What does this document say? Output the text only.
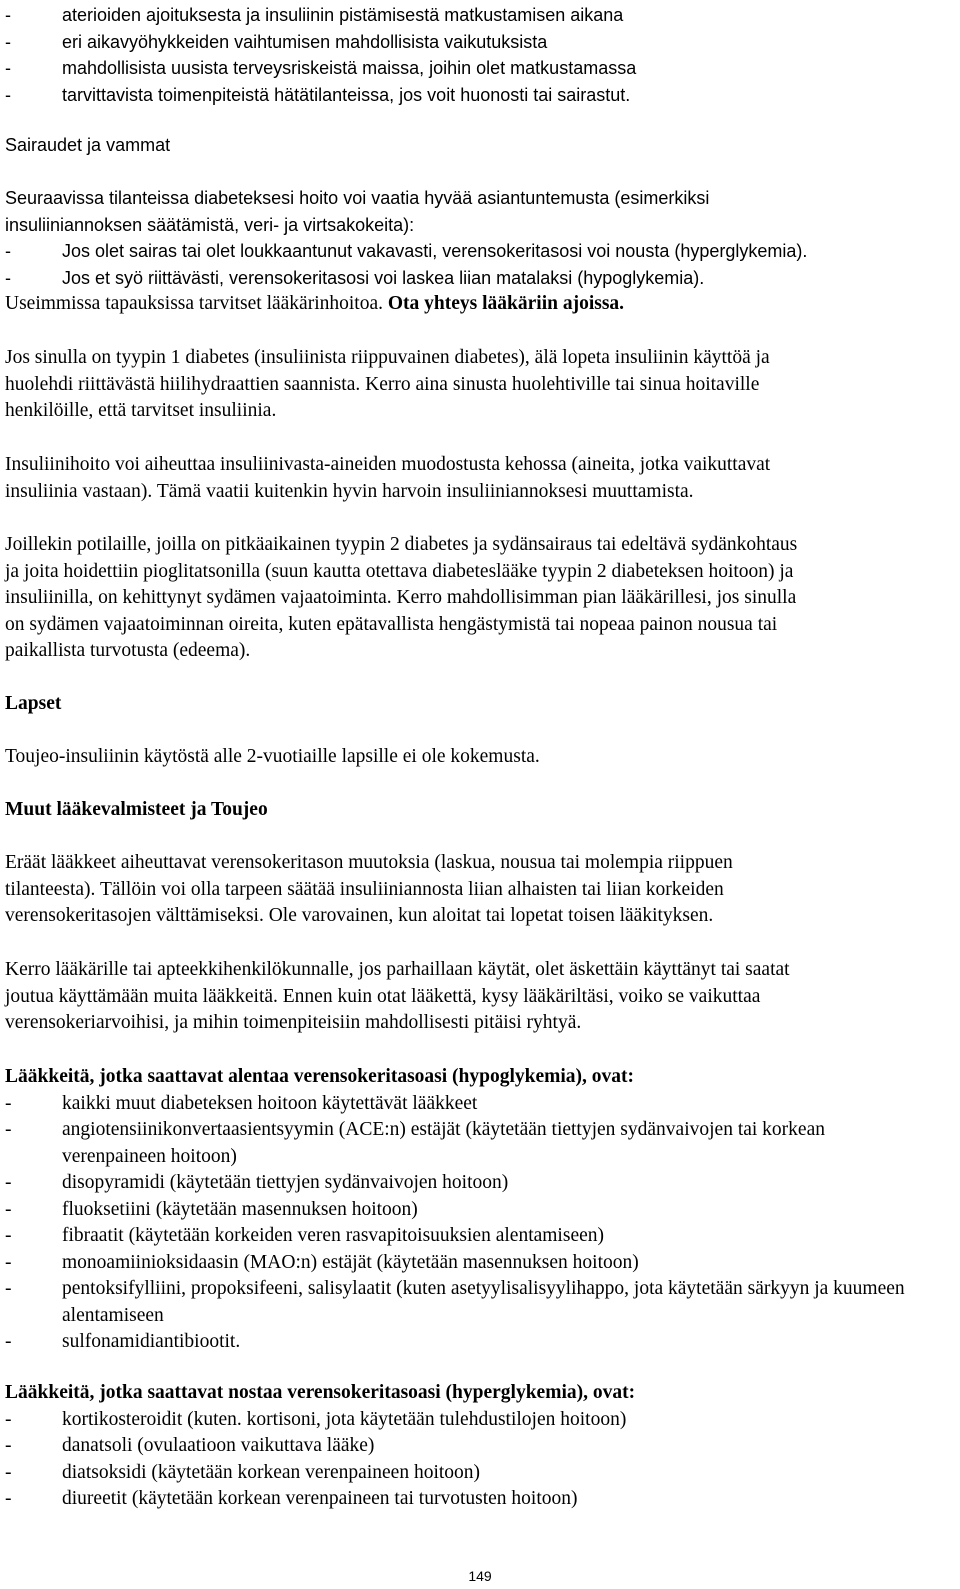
-	aterioiden ajoituksesta ja insuliinin pistämisestä matkustamisen aikana
-	eri aikavyöhykkeiden vaihtumisen mahdollisista vaikutuksista
-	mahdollisista uusista terveysriskeistä maissa, joihin olet matkustamassa
-	tarvittavista toimenpiteistä hätätilanteissa, jos voit huonosti tai sairastut.
Sairaudet ja vammat
Seuraavissa tilanteissa diabeteksesi hoito voi vaatia hyvää asiantuntemusta (esimerkiksi
insuliiniannoksen säätämistä, veri- ja virtsakokeita):
-	Jos olet sairas tai olet loukkaantunut vakavasti, verensokeritasosi voi nousta (hyperglykemia).
-	Jos et syö riittävästi, verensokeritasosi voi laskea liian matalaksi (hypoglykemia).
Useimmissa tapauksissa tarvitset lääkärinhoitoa. Ota yhteys lääkäriin ajoissa.
Jos sinulla on tyypin 1 diabetes (insuliinista riippuvainen diabetes), älä lopeta insuliinin käyttöä ja
huolehdi riittävästä hiilihydraattien saannista. Kerro aina sinusta huolehtiville tai sinua hoitaville
henkilöille, että tarvitset insuliinia.
Insuliinihoito voi aiheuttaa insuliinivasta-aineiden muodostusta kehossa (aineita, jotka vaikuttavat
insuliinia vastaan). Tämä vaatii kuitenkin hyvin harvoin insuliiniannoksesi muuttamista.
Joillekin potilaille, joilla on pitkäaikainen tyypin 2 diabetes ja sydänsairaus tai edeltävä sydänkohtaus
ja joita hoidettiin pioglitatsonilla (suun kautta otettava diabeteslääke tyypin 2 diabeteksen hoitoon) ja
insuliinilla, on kehittynyt sydämen vajaatoiminta. Kerro mahdollisimman pian lääkärillesi, jos sinulla
on sydämen vajaatoiminnan oireita, kuten epätavallista hengästymistä tai nopeaa painon nousua tai
paikallista turvotusta (edeema).
Lapset
Toujeo-insuliinin käytöstä alle 2-vuotiaille lapsille ei ole kokemusta.
Muut lääkevalmisteet ja Toujeo
Eräät lääkkeet aiheuttavat verensokeritason muutoksia (laskua, nousua tai molempia riippuen
tilanteesta). Tällöin voi olla tarpeen säätää insuliiniannosta liian alhaisten tai liian korkeiden
verensokeritasojen välttämiseksi. Ole varovainen, kun aloitat tai lopetat toisen lääkityksen.
Kerro lääkärille tai apteekkihenkilökunnalle, jos parhaillaan käytät, olet äskettäin käyttänyt tai saatat
joutua käyttämään muita lääkkeitä. Ennen kuin otat lääkettä, kysy lääkäriltäsi, voiko se vaikuttaa
verensokeriarvoihisi, ja mihin toimenpiteisiin mahdollisesti pitäisi ryhtyä.
Lääkkeitä, jotka saattavat alentaa verensokeritasoasi (hypoglykemia), ovat:
-	kaikki muut diabeteksen hoitoon käytettävät lääkkeet
-	angiotensiinikonvertaasientsyymin (ACE:n) estäjät (käytetään tiettyjen sydänvaivojen tai korkean verenpaineen hoitoon)
-	disopyramidi (käytetään tiettyjen sydänvaivojen hoitoon)
-	fluoksetiini (käytetään masennuksen hoitoon)
-	fibraatit (käytetään korkeiden veren rasvapitoisuuksien alentamiseen)
-	monoamiinioksidaasin (MAO:n) estäjät (käytetään masennuksen hoitoon)
-	pentoksifylliini, propoksifeeni, salisylaatit (kuten asetyylisalisyylihappo, jota käytetään särkyyn ja kuumeen alentamiseen
-	sulfonamidiantibiootit.
Lääkkeitä, jotka saattavat nostaa verensokeritasoasi (hyperglykemia), ovat:
-	kortikosteroidit (kuten. kortisoni, jota käytetään tulehdustilojen hoitoon)
-	danatsoli (ovulaatioon vaikuttava lääke)
-	diatsoksidi (käytetään korkean verenpaineen hoitoon)
-	diureetit (käytetään korkean verenpaineen tai turvotusten hoitoon)
149
